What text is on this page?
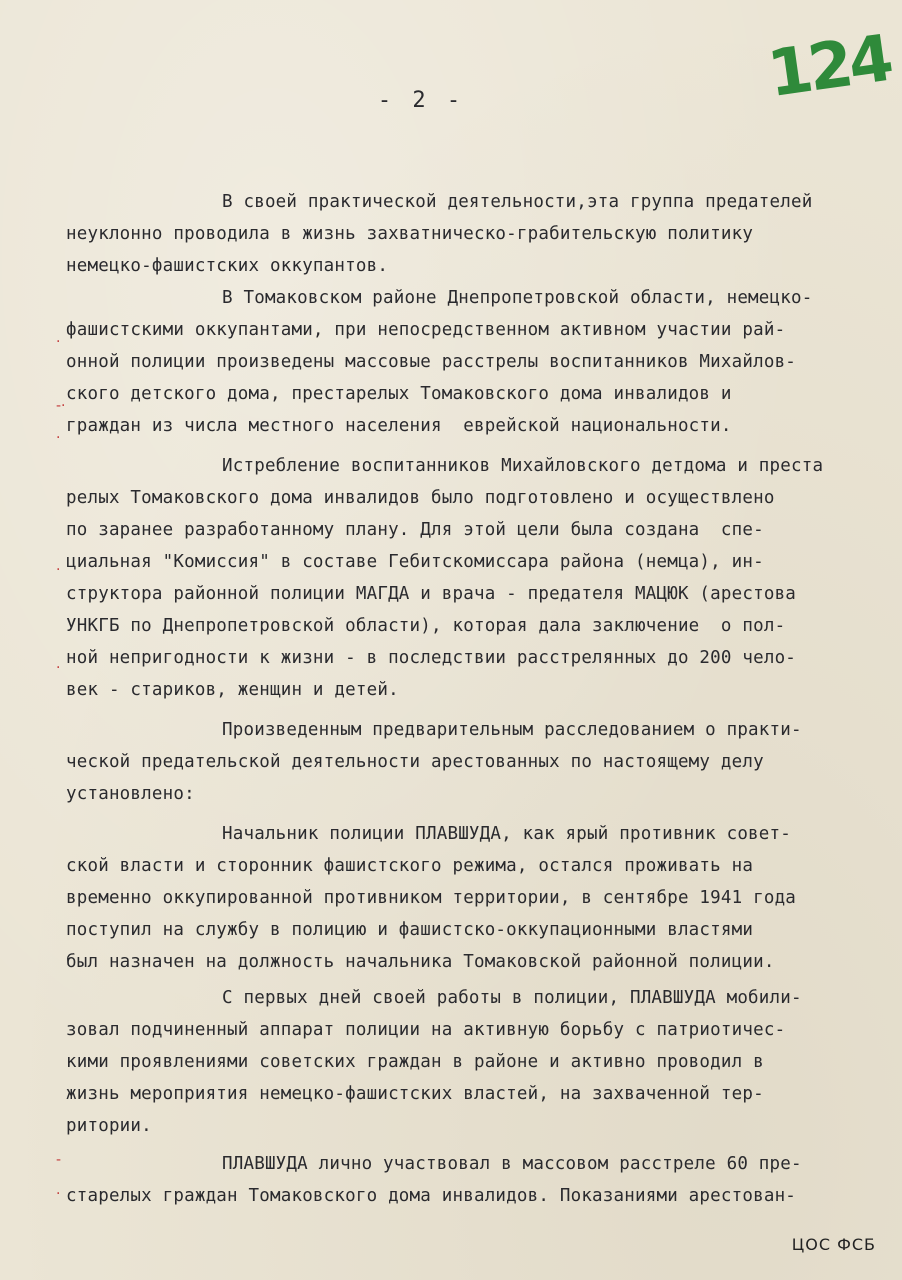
124
- 2 -
В своей практической деятельности,эта группа предателей
неуклонно проводила в жизнь захватническо-грабительскую политику
немецко-фашистских оккупантов.
В Томаковском районе Днепропетровской области, немецко-
фашистскими оккупантами, при непосредственном активном участии рай-
онной полиции произведены массовые расстрелы воспитанников Михайлов-
ского детского дома, престарелых Томаковского дома инвалидов и
граждан из числа местного населения  еврейской национальности.
Истребление воспитанников Михайловского детдома и преста
релых Томаковского дома инвалидов было подготовлено и осуществлено
по заранее разработанному плану. Для этой цели была создана  спе-
циальная "Комиссия" в составе Гебитскомиссара района (немца), ин-
структора районной полиции МАГДА и врача - предателя МАЦЮК (арестова
УНКГБ по Днепропетровской области), которая дала заключение  о пол-
ной непригодности к жизни - в последствии расстрелянных до 200 чело-
век - стариков, женщин и детей.
Произведенным предварительным расследованием о практи-
ческой предательской деятельности арестованных по настоящему делу
установлено:
Начальник полиции ПЛАВШУДА, как ярый противник совет-
ской власти и сторонник фашистского режима, остался проживать на
временно оккупированной противником территории, в сентябре 1941 года
поступил на службу в полицию и фашистско-оккупационными властями
был назначен на должность начальника Томаковской районной полиции.
С первых дней своей работы в полиции, ПЛАВШУДА мобили-
зовал подчиненный аппарат полиции на активную борьбу с патриотичес-
кими проявлениями советских граждан в районе и активно проводил в
жизнь мероприятия немецко-фашистских властей, на захваченной тер-
ритории.
ПЛАВШУДА лично участвовал в массовом расстреле 60 пре-
старелых граждан Томаковского дома инвалидов. Показаниями арестован-
·
-·
·
·
·
-
·
ЦОС ФСБ
